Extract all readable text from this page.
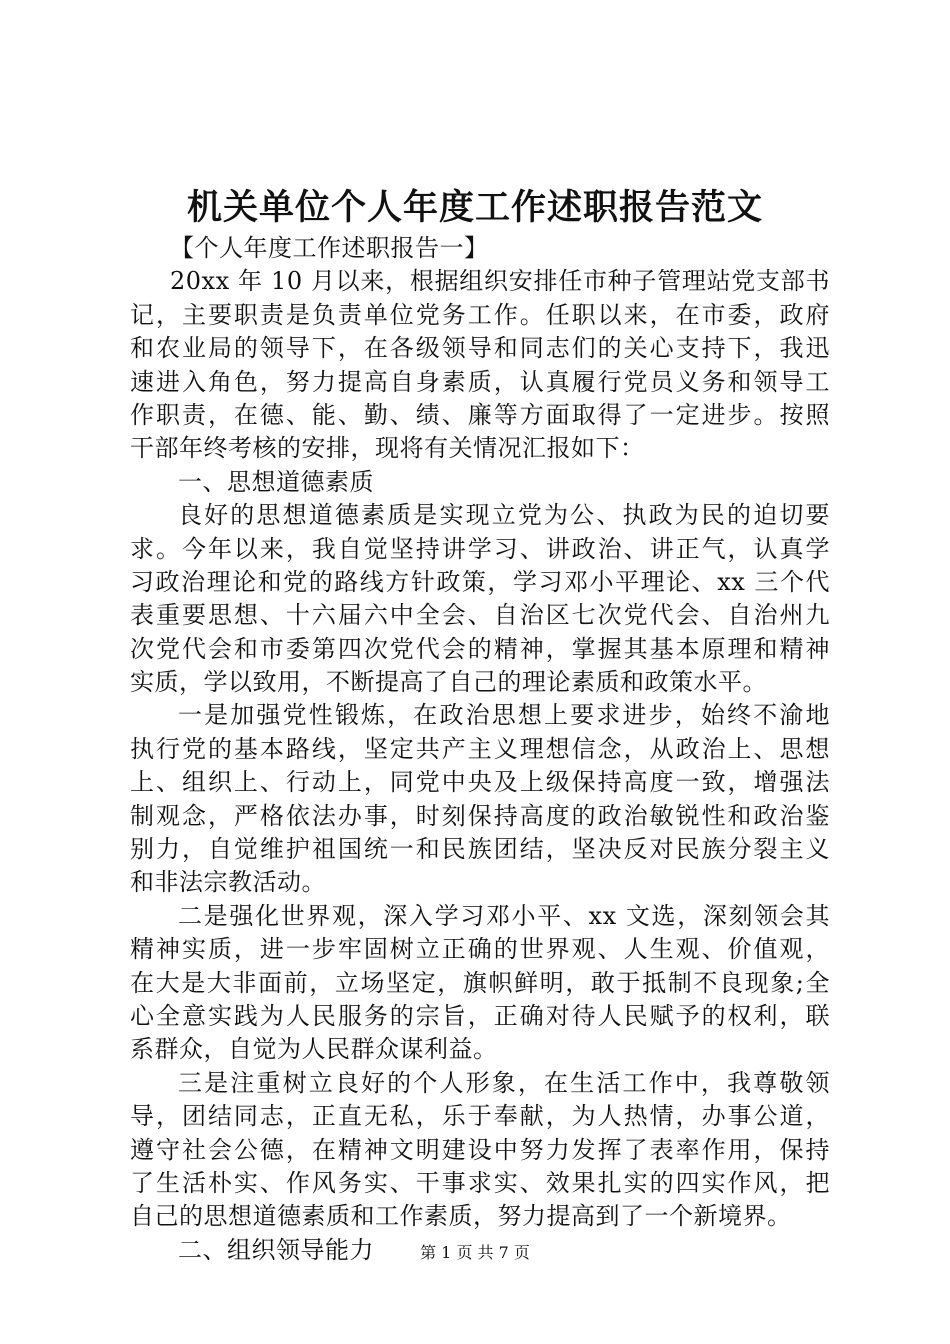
机关单位个人年度工作述职报告范文
【个人年度工作述职报告一】
20xx 年 10 月以来，根据组织安排任市种子管理站党支部书
记，主要职责是负责单位党务工作。任职以来，在市委，政府
和农业局的领导下，在各级领导和同志们的关心支持下，我迅
速进入角色，努力提高自身素质，认真履行党员义务和领导工
作职责，在德、能、勤、绩、廉等方面取得了一定进步。按照
干部年终考核的安排，现将有关情况汇报如下：
一、思想道德素质
良好的思想道德素质是实现立党为公、执政为民的迫切要
求。今年以来，我自觉坚持讲学习、讲政治、讲正气，认真学
习政治理论和党的路线方针政策，学习邓小平理论、xx 三个代
表重要思想、十六届六中全会、自治区七次党代会、自治州九
次党代会和市委第四次党代会的精神，掌握其基本原理和精神
实质，学以致用，不断提高了自己的理论素质和政策水平。
一是加强党性锻炼，在政治思想上要求进步，始终不渝地
执行党的基本路线，坚定共产主义理想信念，从政治上、思想
上、组织上、行动上，同党中央及上级保持高度一致，增强法
制观念，严格依法办事，时刻保持高度的政治敏锐性和政治鉴
别力，自觉维护祖国统一和民族团结，坚决反对民族分裂主义
和非法宗教活动。
二是强化世界观，深入学习邓小平、xx 文选，深刻领会其
精神实质，进一步牢固树立正确的世界观、人生观、价值观，
在大是大非面前，立场坚定，旗帜鲜明，敢于抵制不良现象;全
心全意实践为人民服务的宗旨，正确对待人民赋予的权利，联
系群众，自觉为人民群众谋利益。
三是注重树立良好的个人形象，在生活工作中，我尊敬领
导，团结同志，正直无私，乐于奉献，为人热情，办事公道，
遵守社会公德，在精神文明建设中努力发挥了表率作用，保持
了生活朴实、作风务实、干事求实、效果扎实的四实作风，把
自己的思想道德素质和工作素质，努力提高到了一个新境界。
二、组织领导能力	第 1 页 共 7 页
